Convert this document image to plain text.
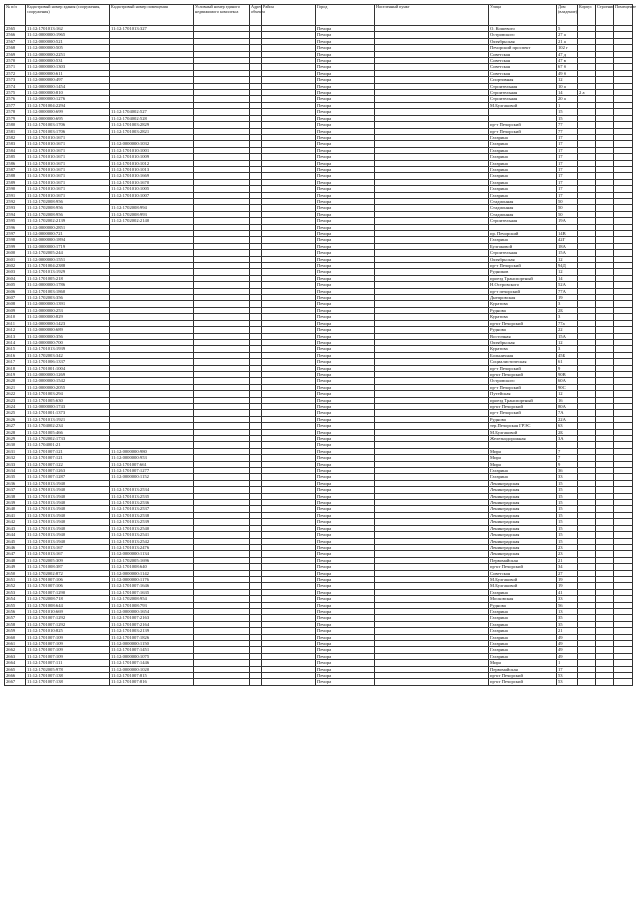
№ п/п	Кадастровый номер здания (сооружения, сооружения)	Кадастровый номер помещения	Условный номер единого недвижимого комплекса	Адрес объекта	Район	Город	Населенный пункт	Улица	Дом (владение)	Корпус	Строение	Помещение
2565	11:12:1701013:162	11:12:1701013:327				Печора		О. Кошевого	5			
2566	11:12:0000000:1965					Печора		Островского	27 а			
2567	11:12:0000000:521					Печора		Октябрьская	21 а			
2568	11:12:0000000:505					Печора		Печорский проспект	102 г			
2569	11:12:0000000:2251					Печора		Советская	47 д			
2570	11:12:0000000:531					Печора		Советская	47 в			
2571	11:12:0000000:1303					Печора		Советская	67 б			
2572	11:12:0000000:611					Печора		Советская	49 б			
2573	11:12:0000000:497					Печора		Спортивная	12			
2574	11:12:0000000:1454					Печора		Строительная	10 а			
2575	11:12:0000000:810					Печора		Строительная	14	2 а		
2576	11:12:0000000:1276					Печора		Строительная	20 а			
2577	11:12:1701004:2294					Печора		М.Булгаковой	1			
2578	11:12:0000000:699	11:12:1704002:527				Печора			15			
2579	11:12:0000000:695	11:12:1704002:528				Печора			15			
2580	11:12:1701003:1706	11:12:1701003:2829				Печора		пр-т Печорский	77			
2581	11:12:1701003:1706	11:12:1701003:2821				Печора		пр-т Печорский	77			
2582	11:12:1701010:1671					Печора		Гагарина	17			
2583	11:12:1701010:1671	11:12:0000000:1032				Печора		Гагарина	17			
2584	11:12:1701010:1671	11:12:1701010:1001				Печора		Гагарина	17			
2585	11:12:1701010:1671	11:12:1701010:1009				Печора		Гагарина	17			
2586	11:12:1701010:1671	11:12:1701010:1012				Печора		Гагарина	17			
2587	11:12:1701010:1671	11:12:1701010:1013				Печора		Гагарина	17			
2588	11:12:1701010:1671	11:12:1701010:1669				Печора		Гагарина	17			
2589	11:12:1701010:1671	11:12:1701010:1670				Печора		Гагарина	17			
2590	11:12:1701010:1671	11:12:1701010:1005				Печора		Гагарина	17			
2591	11:12:1701010:1671	11:12:1701010:1007				Печора		Гагарина	17			
2592	11:12:1702008:956					Печора		Стадионная	50			
2593	11:12:1702008:956	11:12:1702008:994				Печора		Стадионная	50			
2594	11:12:1702008:956	11:12:1702008:993				Печора		Стадионная	50			
2595	11:12:1702002:2139	11:12:1702002:2140				Печора		Строительная	19А			
2596	11:12:0000000:2851					Печора						
2597	11:12:0000000:721					Печора		пр. Печорский	14В			
2598	11:12:0000000:1894					Печора		Гагарина	42Г			
2599	11:12:0000000:1719					Печора		Булгаковой	18А			
2600	11:12:1702005:244					Печора		Строительная	15А			
2601	11:12:0000000:1551					Печора		Октябрьская	12			
2602	11:12:1701004:2388					Печора		пр-т Печорский	94Д			
2603	11:12:1701013:1929					Печора		Рудников	12			
2604	11:12:1701005:218					Печора		проезд Транспортный	14			
2605	11:12:0000000:1786					Печора		Н.Островского	52А			
2606	11:12:1701003:1860					Печора		пр-т печорский	77А			
2607	11:12:1702003:356					Печора		Днепровская	19			
2608	11:12:0000000:1391					Печора		Куратова	3			
2609	11:12:0000000:253					Печора		Руднова	2Б			
2610	11:12:0000000:829					Печора		Куратова	3			
2611	11:12:0000000:1423					Печора		пр-кт Печорский	77а			
2612	11:12:0000000:689					Печора		Руднова	22			
2613	11:12:0000000:356					Печора		Восточная	15А			
2614	11:12:0000000:700					Печора		Октябрьская	12			
2615	11:12:1701013:1939					Печора		Куратова	3			
2616	11:12:1702003:342					Печора		Больничная	45Б			
2617	11:12:1701006:1337					Печора		Социалистическая	61			
2618	11:12:1701001:1004					Печора		пр-т Печорский	9			
2619	11:12:0000000:1269					Печора		пр-кт Печорский	90В			
2620	11:12:0000000:1542					Печора		Островского	60А			
2621	11:12:0000000:2055					Печора		пр-т Печорский	90С			
2622	11:12:1701003:294					Печора		Путейская	12			
2623	11:12:1701005:630					Печора		проезд Транспортный	16			
2624	11:12:0000000:1743					Печора		пр-кт Печорский	80А			
2625	11:12:1701001:1373					Печора		пр-т Печорский	7А			
2626	11:12:1701013:1921					Печора		Руднова	22А			
2627	11:12:1704002:234					Печора		тер.Печорская ГРЭС	63			
2628	11:12:1701005:466					Печора		М.Булгаковой	2Б			
2629	11:12:1702002:1733					Печора		Железнодорожная	3А			
2630	11:12:1704001:21					Печора						
2631	11:12:1701007:121	11:12:0000000:980				Печора		Мира	7			
2632	11:12:1701007:121	11:12:0000000:953				Печора		Мира	7			
2633	11:12:1701007:122	11:12:1701007:661				Печора		Мира	9			
2634	11:12:1701007:1263	11:12:1701007:1277				Печора		Гагарина	36			
2635	11:12:1701007:1287	11:12:0000000:1152				Печора		Гагарина	33			
2636	11:12:1701013:1940					Печора		Ленинградская	15			
2637	11:12:1701013:1940	11:12:1701013:2534				Печора		Ленинградская	15			
2638	11:12:1701013:1940	11:12:1701013:2535				Печора		Ленинградская	15			
2639	11:12:1701013:1940	11:12:1701013:2536				Печора		Ленинградская	15			
2640	11:12:1701013:1940	11:12:1701013:2537				Печора		Ленинградская	15			
2641	11:12:1701013:1940	11:12:1701013:2538				Печора		Ленинградская	15			
2642	11:12:1701013:1940	11:12:1701013:2539				Печора		Ленинградская	15			
2643	11:12:1701013:1940	11:12:1701013:2540				Печора		Ленинградская	15			
2644	11:12:1701013:1940	11:12:1701013:2541				Печора		Ленинградская	15			
2645	11:12:1701013:1940	11:12:1701013:2542				Печора		Ленинградская	15			
2646	11:12:1701013:167	11:12:1701013:2476				Печора		Ленинградская	23			
2647	11:12:1701013:167	11:12:0000000:1134				Печора		Ленинградская	23			
2648	11:12:1702005:309	11:12:1702005:1696				Печора		Первомайская	21			
2649	11:12:1701008:387	11:12:1701008:640				Печора		пр-кт Печорский	34			
2650	11:12:1702002:872	11:12:0000000:1142				Печора		Советская	27			
2651	11:12:1701007:106	11:12:0000000:1176				Печора		М.Булгаковой	19			
2652	11:12:1701007:106	11:12:1701007:1646				Печора		М.Булгаковой	19			
2653	11:12:1701007:1290	11:12:1701007:1635				Печора		Гагарина	41			
2654	11:12:1702008:718	11:12:1702008:954				Печора		Московская	33			
2655	11:12:1701008:644	11:12:1701008:793				Печора		Руднова	56			
2656	11:12:1701010:669	11:12:0000000:1654				Печора		Гагарина	13			
2657	11:12:1701007:1292	11:12:1701007:2163				Печора		Гагарина	35			
2658	11:12:1701007:1292	11:12:1701007:2164				Печора		Гагарина	35			
2659	11:12:1701010:825	11:12:1701003:2139				Печора		Гагарина	21			
2660	11:12:1701007:109	11:12:1701007:1826				Печора		Гагарина	49			
2661	11:12:1701007:109	11:12:0000000:1150				Печора		Гагарина	49			
2662	11:12:1701007:109	11:12:1701007:1451				Печора		Гагарина	49			
2663	11:12:1701007:109	11:12:0000000:1075				Печора		Гагарина	49			
2664	11:12:1701007:111	11:12:1701007:1446				Печора		Мира	1			
2665	11:12:1702005:978	11:12:0000000:1020				Печора		Первомайская	17			
2666	11:12:1701007:138	11:12:1701007:815				Печора		пр-кт Печорский	53			
2667	11:12:1701007:138	11:12:1701007:816				Печора		пр-кт Печорский	53			
